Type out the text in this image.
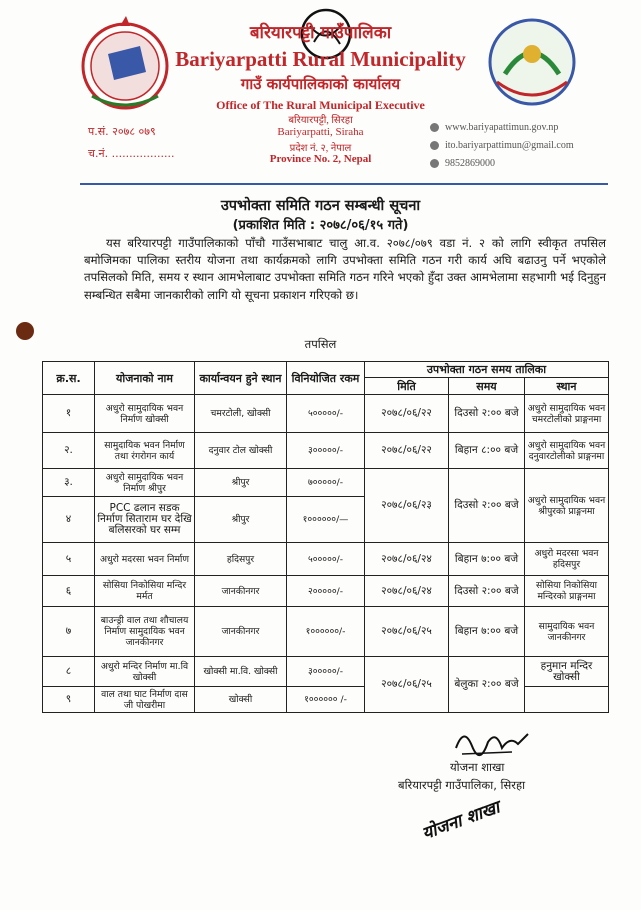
बरियारपट्टी गाउँपालिका
Bariyarpatti Rural Municipality
गाउँ कार्यपालिकाको कार्यालय
Office of The Rural Municipal Executive
बरियारपट्टी, सिरहा
Bariyarpatti, Siraha
प्रदेश नं. २, नेपाल
Province No. 2, Nepal
प.सं. २०७८ ०७९
च.नं. ..................
www.bariyapattimun.gov.np
ito.bariyarpattimun@gmail.com
9852869000
उपभोक्ता समिति गठन सम्बन्धी सूचना
(प्रकाशित मिति : २०७८/०६/१५ गते)
यस बरियारपट्टी गाउँपालिकाको पाँचौ गाउँसभाबाट चालु आ.व. २०७८/०७९ वडा नं. २ को लागि स्वीकृत तपसिल बमोजिमका पालिका स्तरीय योजना तथा कार्यक्रमको लागि उपभोक्ता समिति गठन गरी कार्य अघि बढाउनु पर्ने भएकोले तपसिलको मिति, समय र स्थान आमभेलाबाट उपभोक्ता समिति गठन गरिने भएको हुँदा उक्त आमभेलामा सहभागी भई दिनुहुन सम्बन्धित सबैमा जानकारीको लागि यो सूचना प्रकाशन गरिएको छ।
तपसिल
क्र.स.	योजनाको नाम	कार्यान्वयन हुने स्थान	विनियोजित रकम	उपभोक्ता गठन समय तालिका		
				मिति	समय	स्थान
१	अधुरो सामुदायिक भवन निर्माण खोक्सी	चमरटोली, खोक्सी	५०००००/-	२०७८/०६/२२	दिउसो २:०० बजे	अधुरो सामुदायिक भवन चमरटोलीको प्राङ्गनमा
२.	सामुदायिक भवन निर्माण तथा रंगरोगन कार्य	दनुवार टोल खोक्सी	३०००००/-	२०७८/०६/२२	बिहान ८:०० बजे	अधुरो सामुदायिक भवन दनुवारटोलीको प्राङ्गनमा
३.	अधुरो सामुदायिक भवन निर्माण श्रीपुर	श्रीपुर	७०००००/-	२०७८/०६/२३	दिउसो २:०० बजे	अधुरो सामुदायिक भवन श्रीपुरको प्राङ्गनमा
४	PCC ढलान सडक निर्माण सिताराम घर देखि बलिसरको घर सम्म	श्रीपुर	१००००००/—			
५	अधुरो मदरसा भवन निर्माण	हदिसपुर	५०००००/-	२०७८/०६/२४	बिहान ७:०० बजे	अधुरो मदरसा भवन हदिसपुर
६	सोसिया निकोसिया मन्दिर मर्मत	जानकीनगर	२०००००/-	२०७८/०६/२४	दिउसो २:०० बजे	सोसिया निकोसिया मन्दिरको प्राङ्गनमा
७	बाउन्ड्री वाल तथा शौचालय निर्माण सामुदायिक भवन जानकीनगर	जानकीनगर	१००००००/-	२०७८/०६/२५	बिहान ७:०० बजे	सामुदायिक भवन जानकीनगर
८	अधुरो मन्दिर निर्माण मा.वि खोक्सी	खोक्सी मा.वि. खोक्सी	३०००००/-	२०७८/०६/२५	बेलुका २:०० बजे	हनुमान मन्दिर खोक्सी
९	वाल तथा घाट निर्माण दास जी पोखरीमा	खोक्सी	१०००००० /-			
योजना शाखा
बरियारपट्टी गाउँपालिका, सिरहा
योजना शाखा
